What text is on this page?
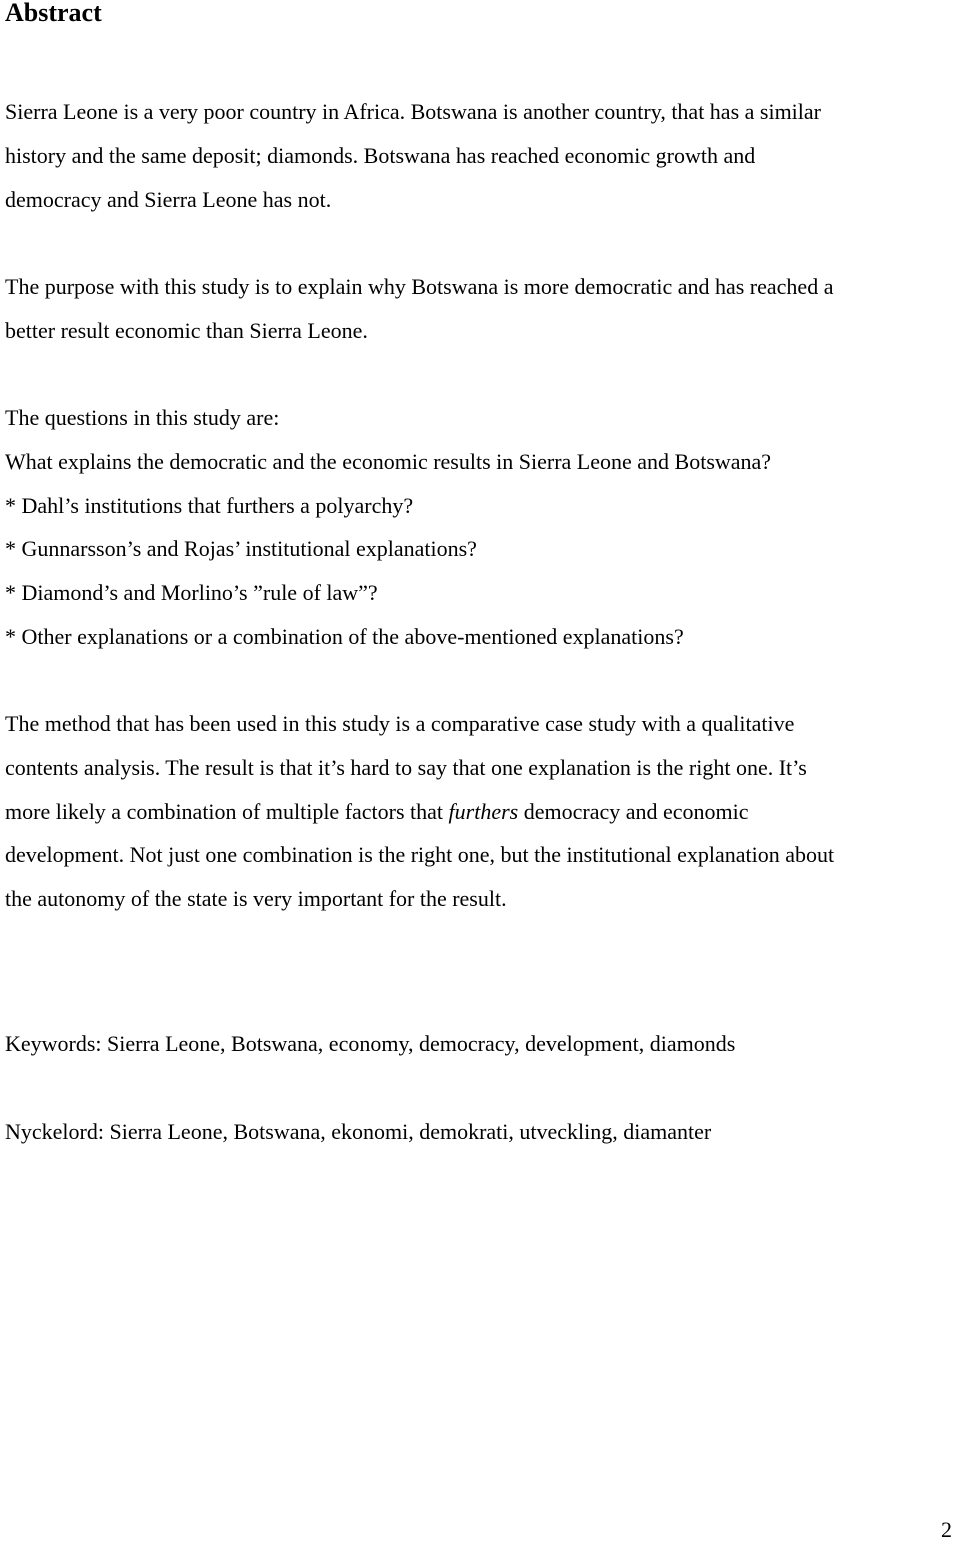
Abstract
Sierra Leone is a very poor country in Africa. Botswana is another country, that has a similar
history and the same deposit; diamonds. Botswana has reached economic growth and
democracy and Sierra Leone has not.
The purpose with this study is to explain why Botswana is more democratic and has reached a
better result economic than Sierra Leone.
The questions in this study are:
What explains the democratic and the economic results in Sierra Leone and Botswana?
* Dahl’s institutions that furthers a polyarchy?
* Gunnarsson’s and Rojas’ institutional explanations?
* Diamond’s and Morlino’s ”rule of law”?
* Other explanations or a combination of the above-mentioned explanations?
The method that has been used in this study is a comparative case study with a qualitative
contents analysis. The result is that it’s hard to say that one explanation is the right one. It’s
more likely a combination of multiple factors that furthers democracy and economic
development. Not just one combination is the right one, but the institutional explanation about
the autonomy of the state is very important for the result.
Keywords: Sierra Leone, Botswana, economy, democracy, development, diamonds
Nyckelord: Sierra Leone, Botswana, ekonomi, demokrati, utveckling, diamanter
2
